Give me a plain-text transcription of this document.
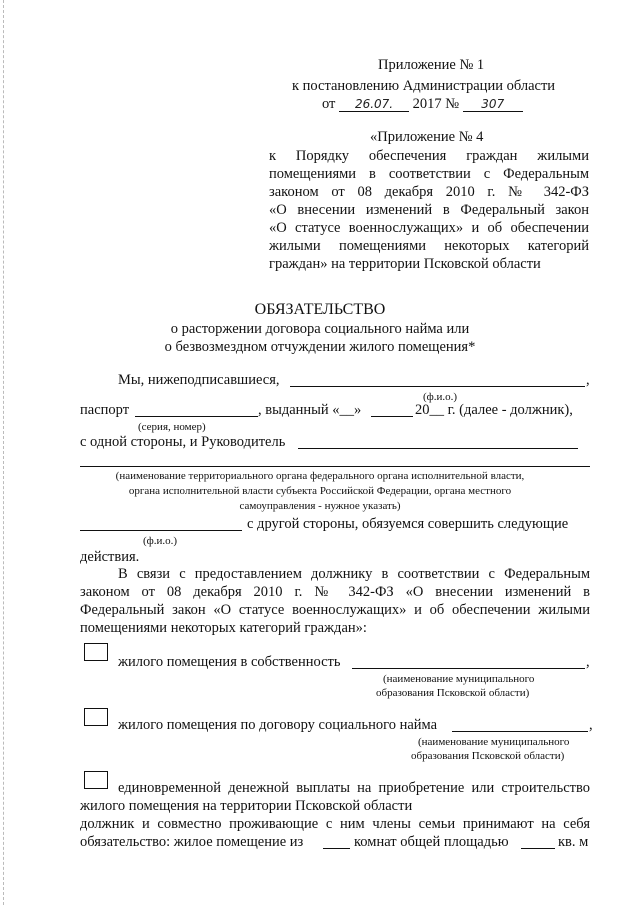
Приложение № 1
к постановлению Администрации области
от 26.07. 2017 № 307
«Приложение № 4
к Порядку обеспечения граждан жилыми
помещениями в соответствии с Федеральным
законом от 08 декабря 2010 г. № 342-ФЗ
«О внесении изменений в Федеральный закон
«О статусе военнослужащих» и об обеспечении
жилыми помещениями некоторых категорий
граждан» на территории Псковской области
ОБЯЗАТЕЛЬСТВО
о расторжении договора социального найма или
о безвозмездном отчуждении жилого помещения*
Мы, нижеподписавшиеся,	,
(ф.и.о.)
паспорт	, выданный «__»	20__ г. (далее - должник),
(серия, номер)
с одной стороны, и Руководитель
(наименование территориального органа федерального органа исполнительной власти,
органа исполнительной власти субъекта Российской Федерации, органа местного
самоуправления - нужное указать)
с другой стороны, обязуемся совершить следующие
(ф.и.о.)
действия.
В связи с предоставлением должнику в соответствии с Федеральным
законом от 08 декабря 2010 г. № 342-ФЗ «О внесении изменений в
Федеральный закон «О статусе военнослужащих» и об обеспечении жилыми
помещениями некоторых категорий граждан»:
жилого помещения в собственность	,
(наименование муниципального
образования Псковской области)
жилого помещения по договору социального найма	,
(наименование муниципального
образования Псковской области)
единовременной денежной выплаты на приобретение или строительство
жилого помещения на территории Псковской области
должник и совместно проживающие с ним члены семьи принимают на себя
обязательство: жилое помещение из	комнат общей площадью	кв. м
